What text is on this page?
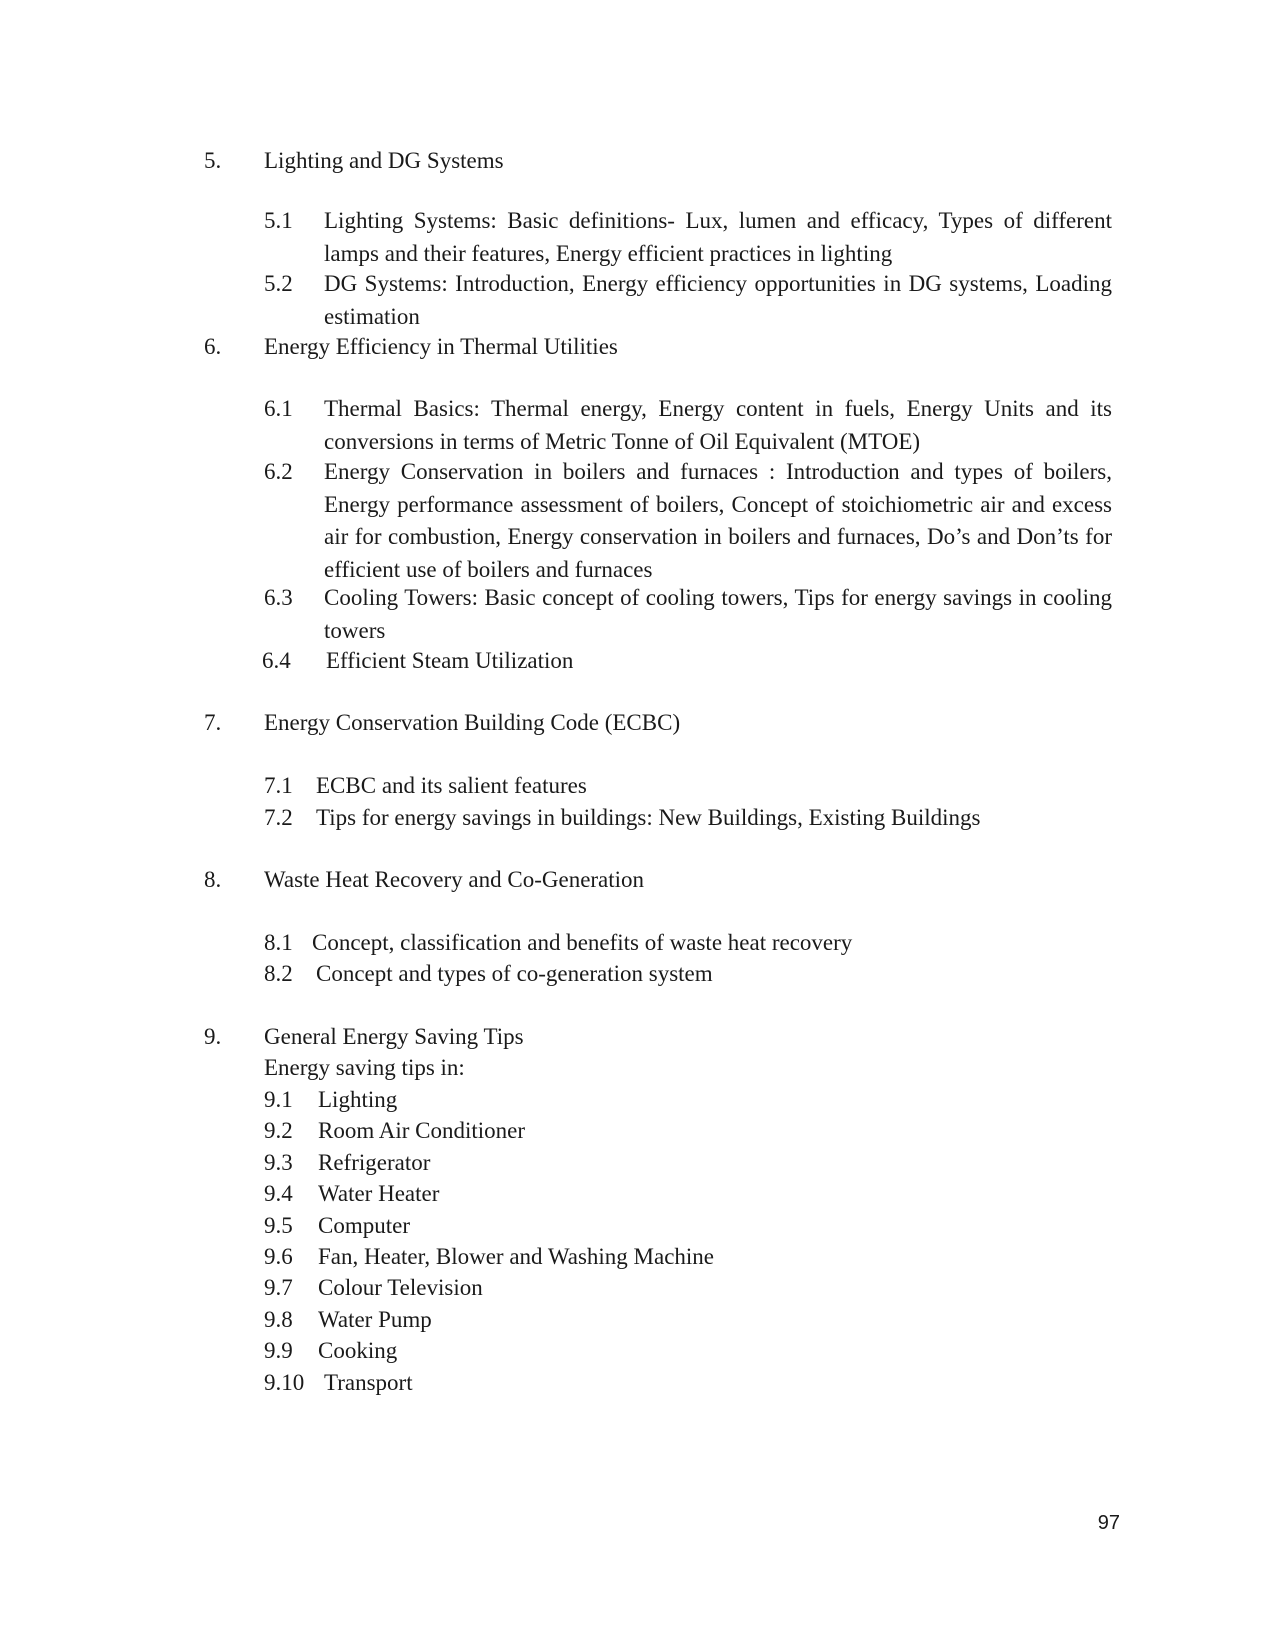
5. Lighting and DG Systems
5.1 Lighting Systems: Basic definitions- Lux, lumen and efficacy, Types of different lamps and their features, Energy efficient practices in lighting
5.2 DG Systems: Introduction, Energy efficiency opportunities in DG systems, Loading estimation
6. Energy Efficiency in Thermal Utilities
6.1 Thermal Basics: Thermal energy, Energy content in fuels, Energy Units and its conversions in terms of Metric Tonne of Oil Equivalent (MTOE)
6.2 Energy Conservation in boilers and furnaces : Introduction and types of boilers, Energy performance assessment of boilers, Concept of stoichiometric air and excess air for combustion, Energy conservation in boilers and furnaces, Do’s and Don’ts for efficient use of boilers and furnaces
6.3 Cooling Towers: Basic concept of cooling towers, Tips for energy savings in cooling towers
6.4 Efficient Steam Utilization
7. Energy Conservation Building Code (ECBC)
7.1 ECBC and its salient features
7.2 Tips for energy savings in buildings: New Buildings, Existing Buildings
8. Waste Heat Recovery and Co-Generation
8.1 Concept, classification and benefits of waste heat recovery
8.2 Concept and types of co-generation system
9. General Energy Saving Tips
Energy saving tips in:
9.1 Lighting
9.2 Room Air Conditioner
9.3 Refrigerator
9.4 Water Heater
9.5 Computer
9.6 Fan, Heater, Blower and Washing Machine
9.7 Colour Television
9.8 Water Pump
9.9 Cooking
9.10 Transport
97
